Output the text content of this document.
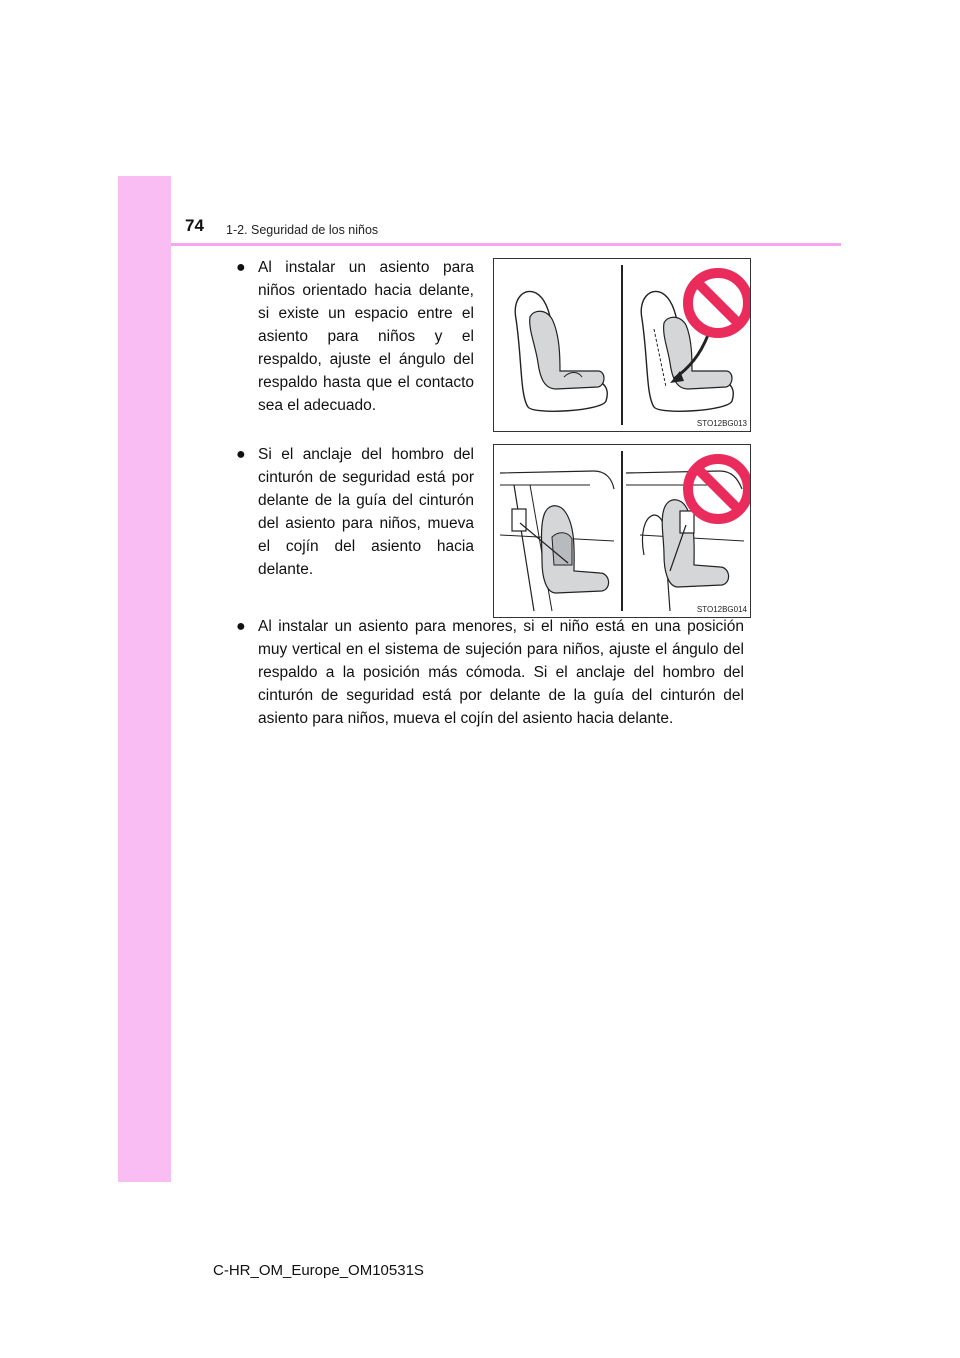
74 1-2. Seguridad de los niños
● Al instalar un asiento para niños orientado hacia delante, si existe un espacio entre el asiento para niños y el respaldo, ajuste el ángulo del respaldo hasta que el contacto sea el adecuado.
STO12BG013
● Si el anclaje del hombro del cinturón de seguridad está por delante de la guía del cinturón del asiento para niños, mueva el cojín del asiento hacia delante.
STO12BG014
● Al instalar un asiento para menores, si el niño está en una posición muy vertical en el sistema de sujeción para niños, ajuste el ángulo del respaldo a la posición más cómoda. Si el anclaje del hombro del cinturón de seguridad está por delante de la guía del cinturón del asiento para niños, mueva el cojín del asiento hacia delante.
C-HR_OM_Europe_OM10531S
